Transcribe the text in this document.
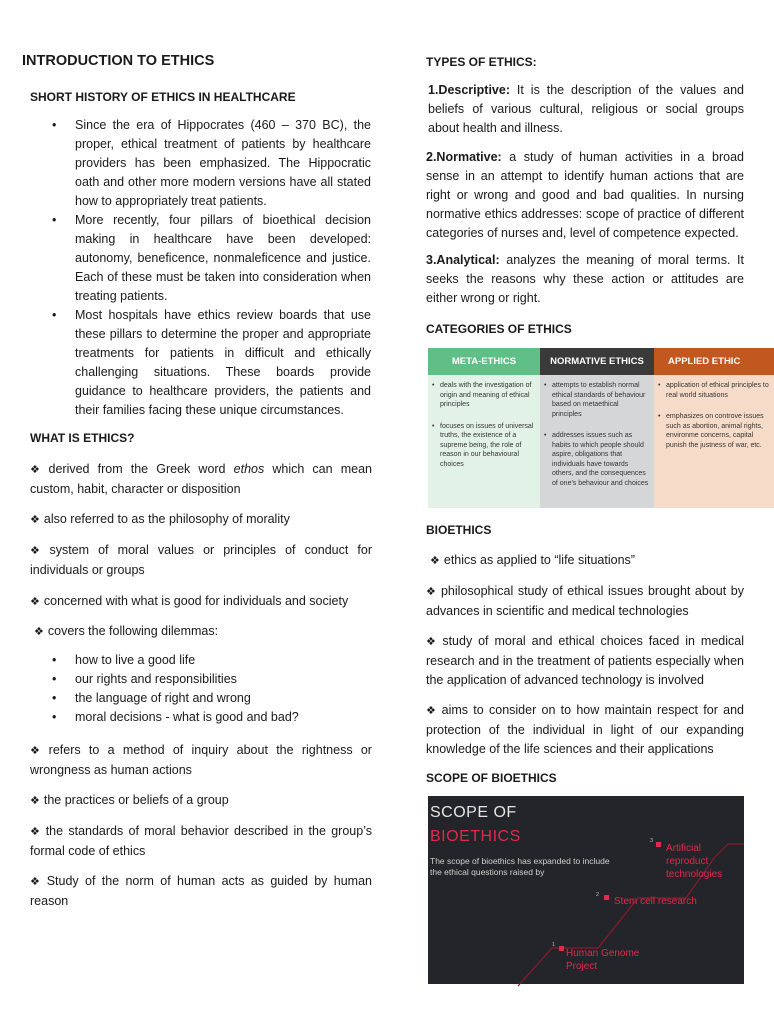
INTRODUCTION TO ETHICS

SHORT HISTORY OF ETHICS IN HEALTHCARE

• Since the era of Hippocrates (460 – 370 BC), the proper, ethical treatment of patients by healthcare providers has been emphasized. The Hippocratic oath and other more modern versions have all stated how to appropriately treat patients.
• More recently, four pillars of bioethical decision making in healthcare have been developed: autonomy, beneficence, nonmaleficence and justice. Each of these must be taken into consideration when treating patients.
• Most hospitals have ethics review boards that use these pillars to determine the proper and appropriate treatments for patients in difficult and ethically challenging situations. These boards provide guidance to healthcare providers, the patients and their families facing these unique circumstances.

WHAT IS ETHICS?

❖ derived from the Greek word ethos which can mean custom, habit, character or disposition

❖ also referred to as the philosophy of morality

❖ system of moral values or principles of conduct for individuals or groups

❖ concerned with what is good for individuals and society

❖ covers the following dilemmas:

• how to live a good life
• our rights and responsibilities
• the language of right and wrong
• moral decisions - what is good and bad?

❖ refers to a method of inquiry about the rightness or wrongness as human actions

❖ the practices or beliefs of a group

❖ the standards of moral behavior described in the group’s formal code of ethics

❖ Study of the norm of human acts as guided by human reason

TYPES OF ETHICS:

1.Descriptive: It is the description of the values and beliefs of various cultural, religious or social groups about health and illness.

2.Normative: a study of human activities in a broad sense in an attempt to identify human actions that are right or wrong and good and bad qualities. In nursing normative ethics addresses: scope of practice of different categories of nurses and, level of competence expected.

3.Analytical: analyzes the meaning of moral terms. It seeks the reasons why these action or attitudes are either wrong or right.

CATEGORIES OF ETHICS

META-ETHICS
• deals with the investigation of origin and meaning of ethical principles
• focuses on issues of universal truths, the existence of a supreme being, the role of reason in our behavioural choices
NORMATIVE ETHICS
• attempts to establish normal ethical standards of behaviour based on metaethical principles
• addresses issues such as habits to which people should aspire, obligations that individuals have towards others, and the consequences of one's behaviour and choices
APPLIED ETHIC
• application of ethical principles to real world situations
• emphasizes on controve issues such as abortion, animal rights, environme concerns, capital punish the justness of war, etc.

BIOETHICS

❖ ethics as applied to “life situations”

❖ philosophical study of ethical issues brought about by advances in scientific and medical technologies

❖ study of moral and ethical choices faced in medical research and in the treatment of patients especially when the application of advanced technology is involved

❖ aims to consider on to how maintain respect for and protection of the individual in light of our expanding knowledge of the life sciences and their applications

SCOPE OF BIOETHICS

SCOPE OF
BIOETHICS
The scope of bioethics has expanded to include the ethical questions raised by
1
Human Genome
Project
2
Stem cell research
3
Artificial reproduct
technologies
